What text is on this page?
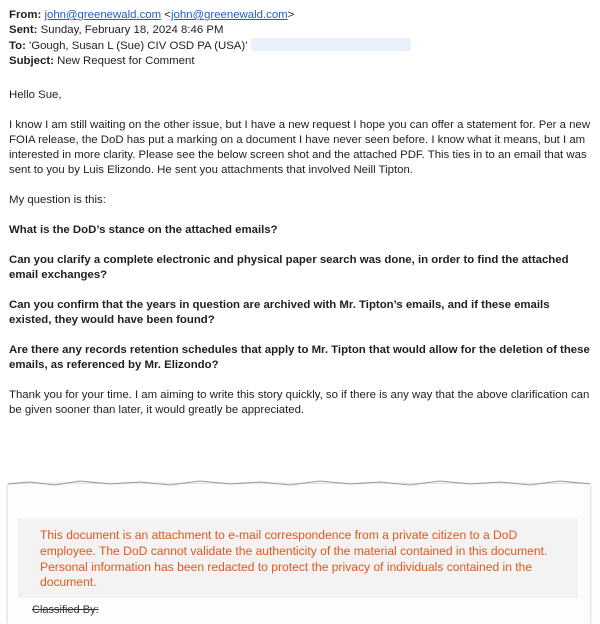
From: john@greenewald.com <john@greenewald.com>
Sent: Sunday, February 18, 2024 8:46 PM
To: 'Gough, Susan L (Sue) CIV OSD PA (USA)'
Subject: New Request for Comment

Hello Sue,

I know I am still waiting on the other issue, but I have a new request I hope you can offer a statement for. Per a new FOIA release, the DoD has put a marking on a document I have never seen before. I know what it means, but I am interested in more clarity. Please see the below screen shot and the attached PDF. This ties in to an email that was sent to you by Luis Elizondo. He sent you attachments that involved Neill Tipton.

My question is this:

What is the DoD’s stance on the attached emails?

Can you clarify a complete electronic and physical paper search was done, in order to find the attached email exchanges?

Can you confirm that the years in question are archived with Mr. Tipton’s emails, and if these emails existed, they would have been found?

Are there any records retention schedules that apply to Mr. Tipton that would allow for the deletion of these emails, as referenced by Mr. Elizondo?

Thank you for your time. I am aiming to write this story quickly, so if there is any way that the above clarification can be given sooner than later, it would greatly be appreciated.

This document is an attachment to e-mail correspondence from a private citizen to a DoD employee. The DoD cannot validate the authenticity of the material contained in this document. Personal information has been redacted to protect the privacy of individuals contained in the document.
Classified By:
